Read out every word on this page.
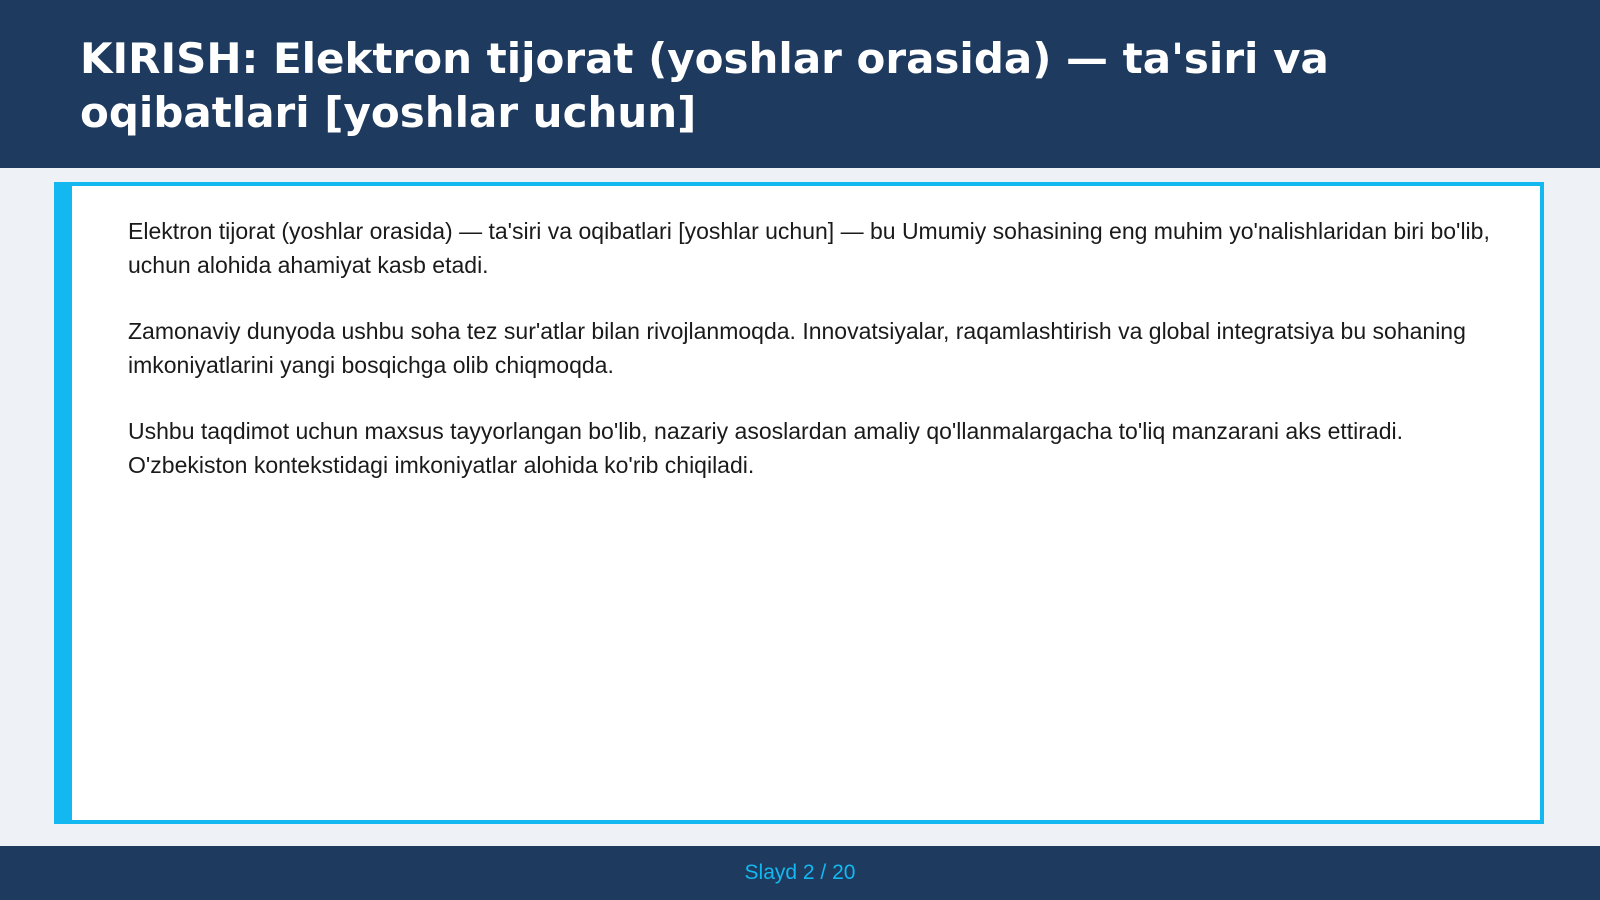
KIRISH: Elektron tijorat (yoshlar orasida) — ta'siri va oqibatlari [yoshlar uchun]

Elektron tijorat (yoshlar orasida) — ta'siri va oqibatlari [yoshlar uchun] — bu Umumiy sohasining eng muhim yo'nalishlaridan biri bo'lib, uchun alohida ahamiyat kasb etadi.

Zamonaviy dunyoda ushbu soha tez sur'atlar bilan rivojlanmoqda. Innovatsiyalar, raqamlashtirish va global integratsiya bu sohaning imkoniyatlarini yangi bosqichga olib chiqmoqda.

Ushbu taqdimot uchun maxsus tayyorlangan bo'lib, nazariy asoslardan amaliy qo'llanmalargacha to'liq manzarani aks ettiradi. O'zbekiston kontekstidagi imkoniyatlar alohida ko'rib chiqiladi.

Slayd 2 / 20
